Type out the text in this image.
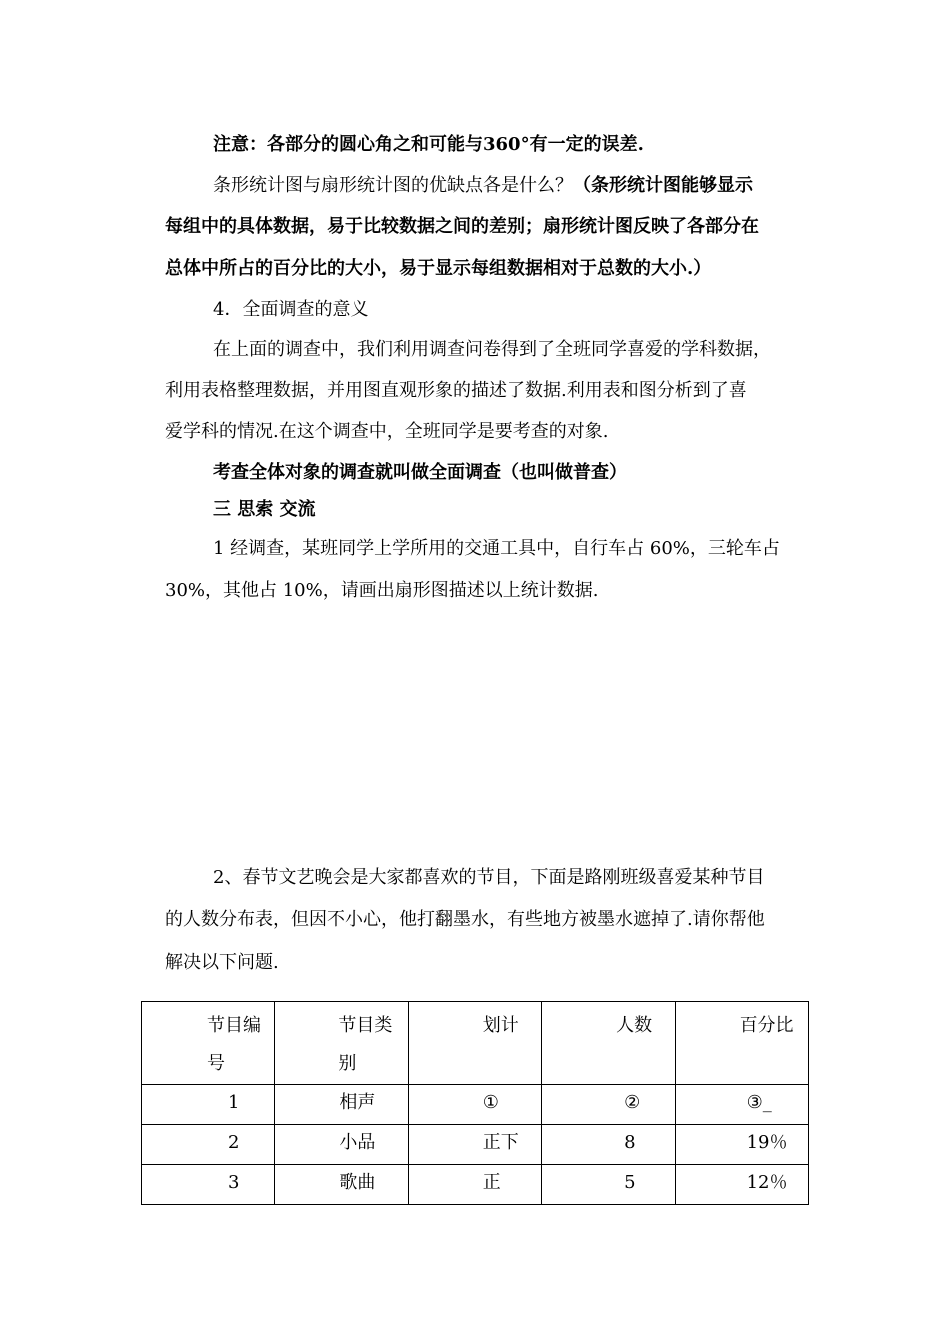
注意：各部分的圆心角之和可能与360°有一定的误差.
条形统计图与扇形统计图的优缺点各是什么？（条形统计图能够显示
每组中的具体数据，易于比较数据之间的差别；扇形统计图反映了各部分在
总体中所占的百分比的大小，易于显示每组数据相对于总数的大小.）
4．全面调查的意义
在上面的调查中，我们利用调查问卷得到了全班同学喜爱的学科数据，
利用表格整理数据，并用图直观形象的描述了数据.利用表和图分析到了喜
爱学科的情况.在这个调查中，全班同学是要考查的对象.
考查全体对象的调查就叫做全面调查（也叫做普查）
三 思索 交流
1 经调查，某班同学上学所用的交通工具中，自行车占 60%，三轮车占
30%，其他占 10%，请画出扇形图描述以上统计数据.
2、春节文艺晚会是大家都喜欢的节目，下面是路刚班级喜爱某种节目
的人数分布表，但因不小心，他打翻墨水，有些地方被墨水遮掉了.请你帮他
解决以下问题.
节目编
号	节目类
别	划计	人数	百分比

1	相声	①	②	③_

2	小品	正下	8	19％

3	歌曲	正	5	12％
